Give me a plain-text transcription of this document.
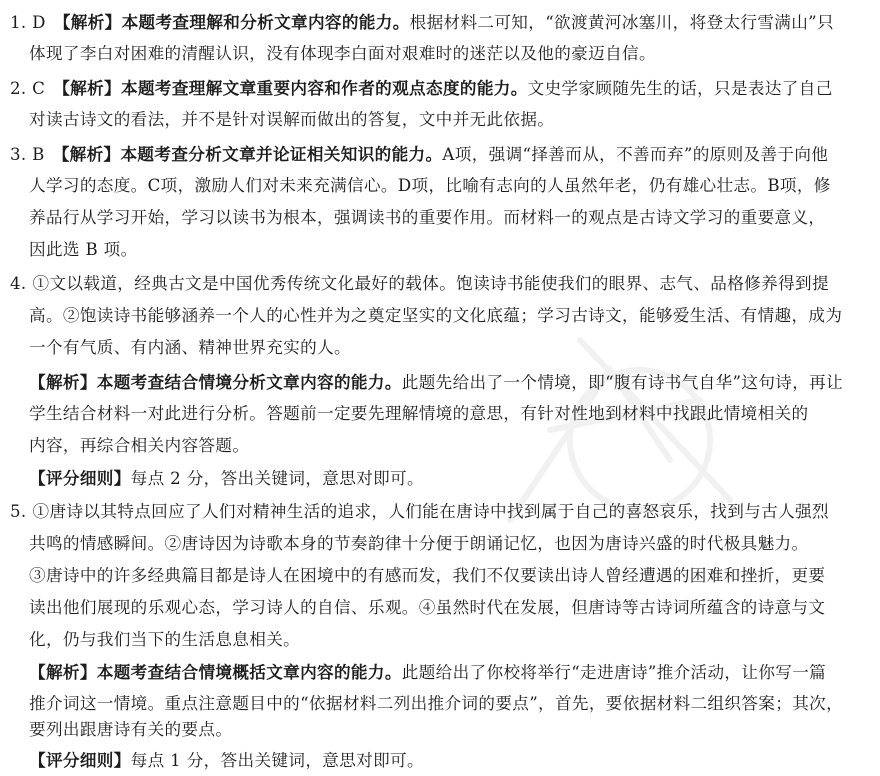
1. D 【解析】本题考查理解和分析文章内容的能力。根据材料二可知，“欲渡黄河冰塞川，将登太行雪满山”只
体现了李白对困难的清醒认识，没有体现李白面对艰难时的迷茫以及他的豪迈自信。
2. C 【解析】本题考查理解文章重要内容和作者的观点态度的能力。文史学家顾随先生的话，只是表达了自己
对读古诗文的看法，并不是针对误解而做出的答复，文中并无此依据。
3. B 【解析】本题考查分析文章并论证相关知识的能力。A项，强调“择善而从，不善而弃”的原则及善于向他
人学习的态度。C项，激励人们对未来充满信心。D项，比喻有志向的人虽然年老，仍有雄心壮志。B项，修
养品行从学习开始，学习以读书为根本，强调读书的重要作用。而材料一的观点是古诗文学习的重要意义，
因此选 B 项。
4. ①文以载道，经典古文是中国优秀传统文化最好的载体。饱读诗书能使我们的眼界、志气、品格修养得到提
高。②饱读诗书能够涵养一个人的心性并为之奠定坚实的文化底蕴；学习古诗文，能够爱生活、有情趣，成为
一个有气质、有内涵、精神世界充实的人。
【解析】本题考查结合情境分析文章内容的能力。此题先给出了一个情境，即“腹有诗书气自华”这句诗，再让
学生结合材料一对此进行分析。答题前一定要先理解情境的意思，有针对性地到材料中找跟此情境相关的
内容，再综合相关内容答题。
【评分细则】每点 2 分，答出关键词，意思对即可。
5. ①唐诗以其特点回应了人们对精神生活的追求，人们能在唐诗中找到属于自己的喜怒哀乐，找到与古人强烈
共鸣的情感瞬间。②唐诗因为诗歌本身的节奏韵律十分便于朗诵记忆，也因为唐诗兴盛的时代极具魅力。
③唐诗中的许多经典篇目都是诗人在困境中的有感而发，我们不仅要读出诗人曾经遭遇的困难和挫折，更要
读出他们展现的乐观心态，学习诗人的自信、乐观。④虽然时代在发展，但唐诗等古诗词所蕴含的诗意与文
化，仍与我们当下的生活息息相关。
【解析】本题考查结合情境概括文章内容的能力。此题给出了你校将举行“走进唐诗”推介活动，让你写一篇
推介词这一情境。重点注意题目中的“依据材料二列出推介词的要点”，首先，要依据材料二组织答案；其次，
要列出跟唐诗有关的要点。
【评分细则】每点 1 分，答出关键词，意思对即可。
